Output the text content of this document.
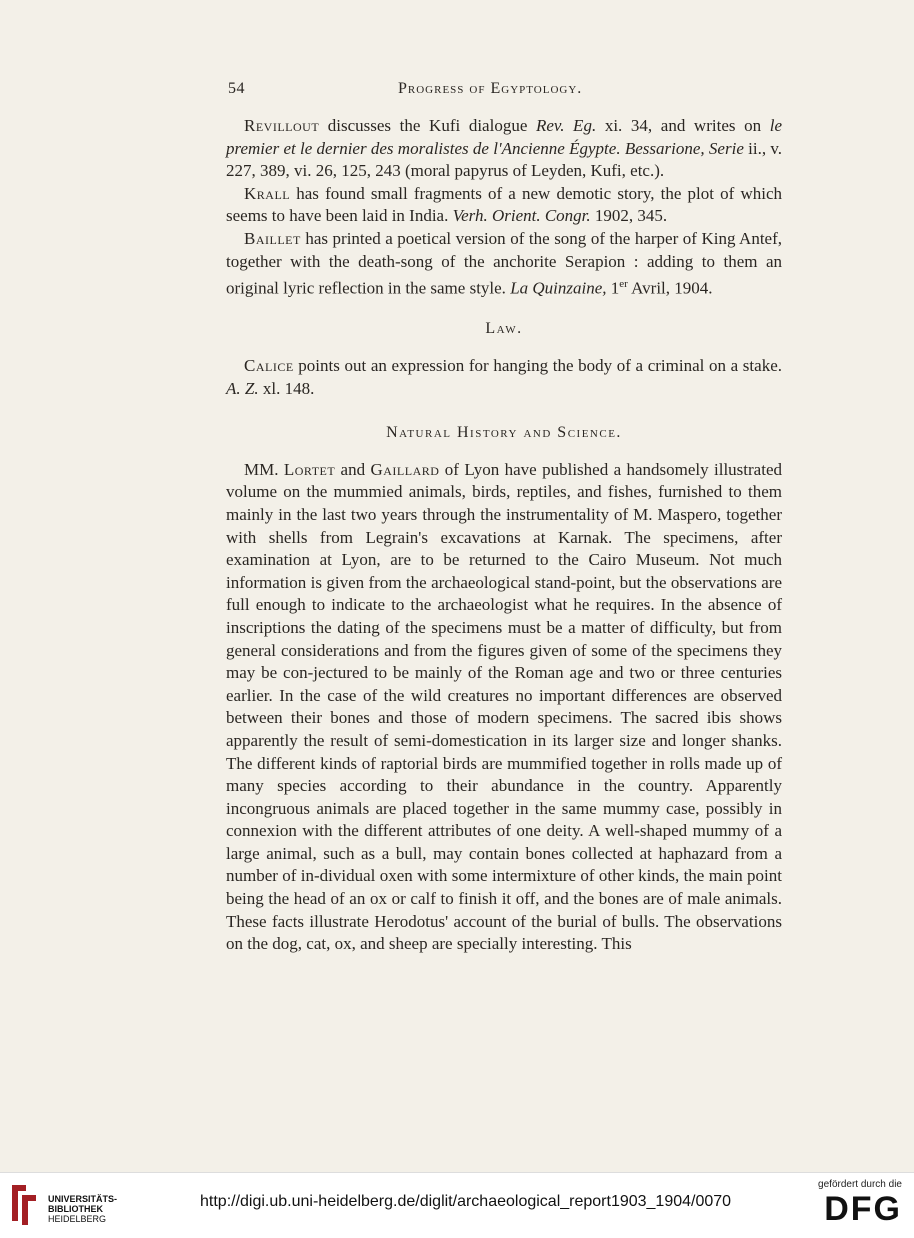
54	Progress of Egyptology.

Revillout discusses the Kufi dialogue Rev. Eg. xi. 34, and writes on le premier et le dernier des moralistes de l'Ancienne Égypte. Bessarione, Serie ii., v. 227, 389, vi. 26, 125, 243 (moral papyrus of Leyden, Kufi, etc.).

Krall has found small fragments of a new demotic story, the plot of which seems to have been laid in India. Verh. Orient. Congr. 1902, 345.

Baillet has printed a poetical version of the song of the harper of King Antef, together with the death-song of the anchorite Serapion : adding to them an original lyric reflection in the same style. La Quinzaine, 1er Avril, 1904.

Law.

Calice points out an expression for hanging the body of a criminal on a stake. A. Z. xl. 148.

Natural History and Science.

MM. Lortet and Gaillard of Lyon have published a handsomely illustrated volume on the mummied animals, birds, reptiles, and fishes, furnished to them mainly in the last two years through the instrumentality of M. Maspero, together with shells from Legrain's excavations at Karnak. The specimens, after examination at Lyon, are to be returned to the Cairo Museum. Not much information is given from the archaeological stand-point, but the observations are full enough to indicate to the archaeologist what he requires. In the absence of inscriptions the dating of the specimens must be a matter of difficulty, but from general considerations and from the figures given of some of the specimens they may be con-jectured to be mainly of the Roman age and two or three centuries earlier. In the case of the wild creatures no important differences are observed between their bones and those of modern specimens. The sacred ibis shows apparently the result of semi-domestication in its larger size and longer shanks. The different kinds of raptorial birds are mummified together in rolls made up of many species according to their abundance in the country. Apparently incongruous animals are placed together in the same mummy case, possibly in connexion with the different attributes of one deity. A well-shaped mummy of a large animal, such as a bull, may contain bones collected at haphazard from a number of in-dividual oxen with some intermixture of other kinds, the main point being the head of an ox or calf to finish it off, and the bones are of male animals. These facts illustrate Herodotus' account of the burial of bulls. The observations on the dog, cat, ox, and sheep are specially interesting. This

UNIVERSITÄTS-
BIBLIOTHEK
HEIDELBERG
http://digi.ub.uni-heidelberg.de/diglit/archaeological_report1903_1904/0070
gefördert durch die
DFG
